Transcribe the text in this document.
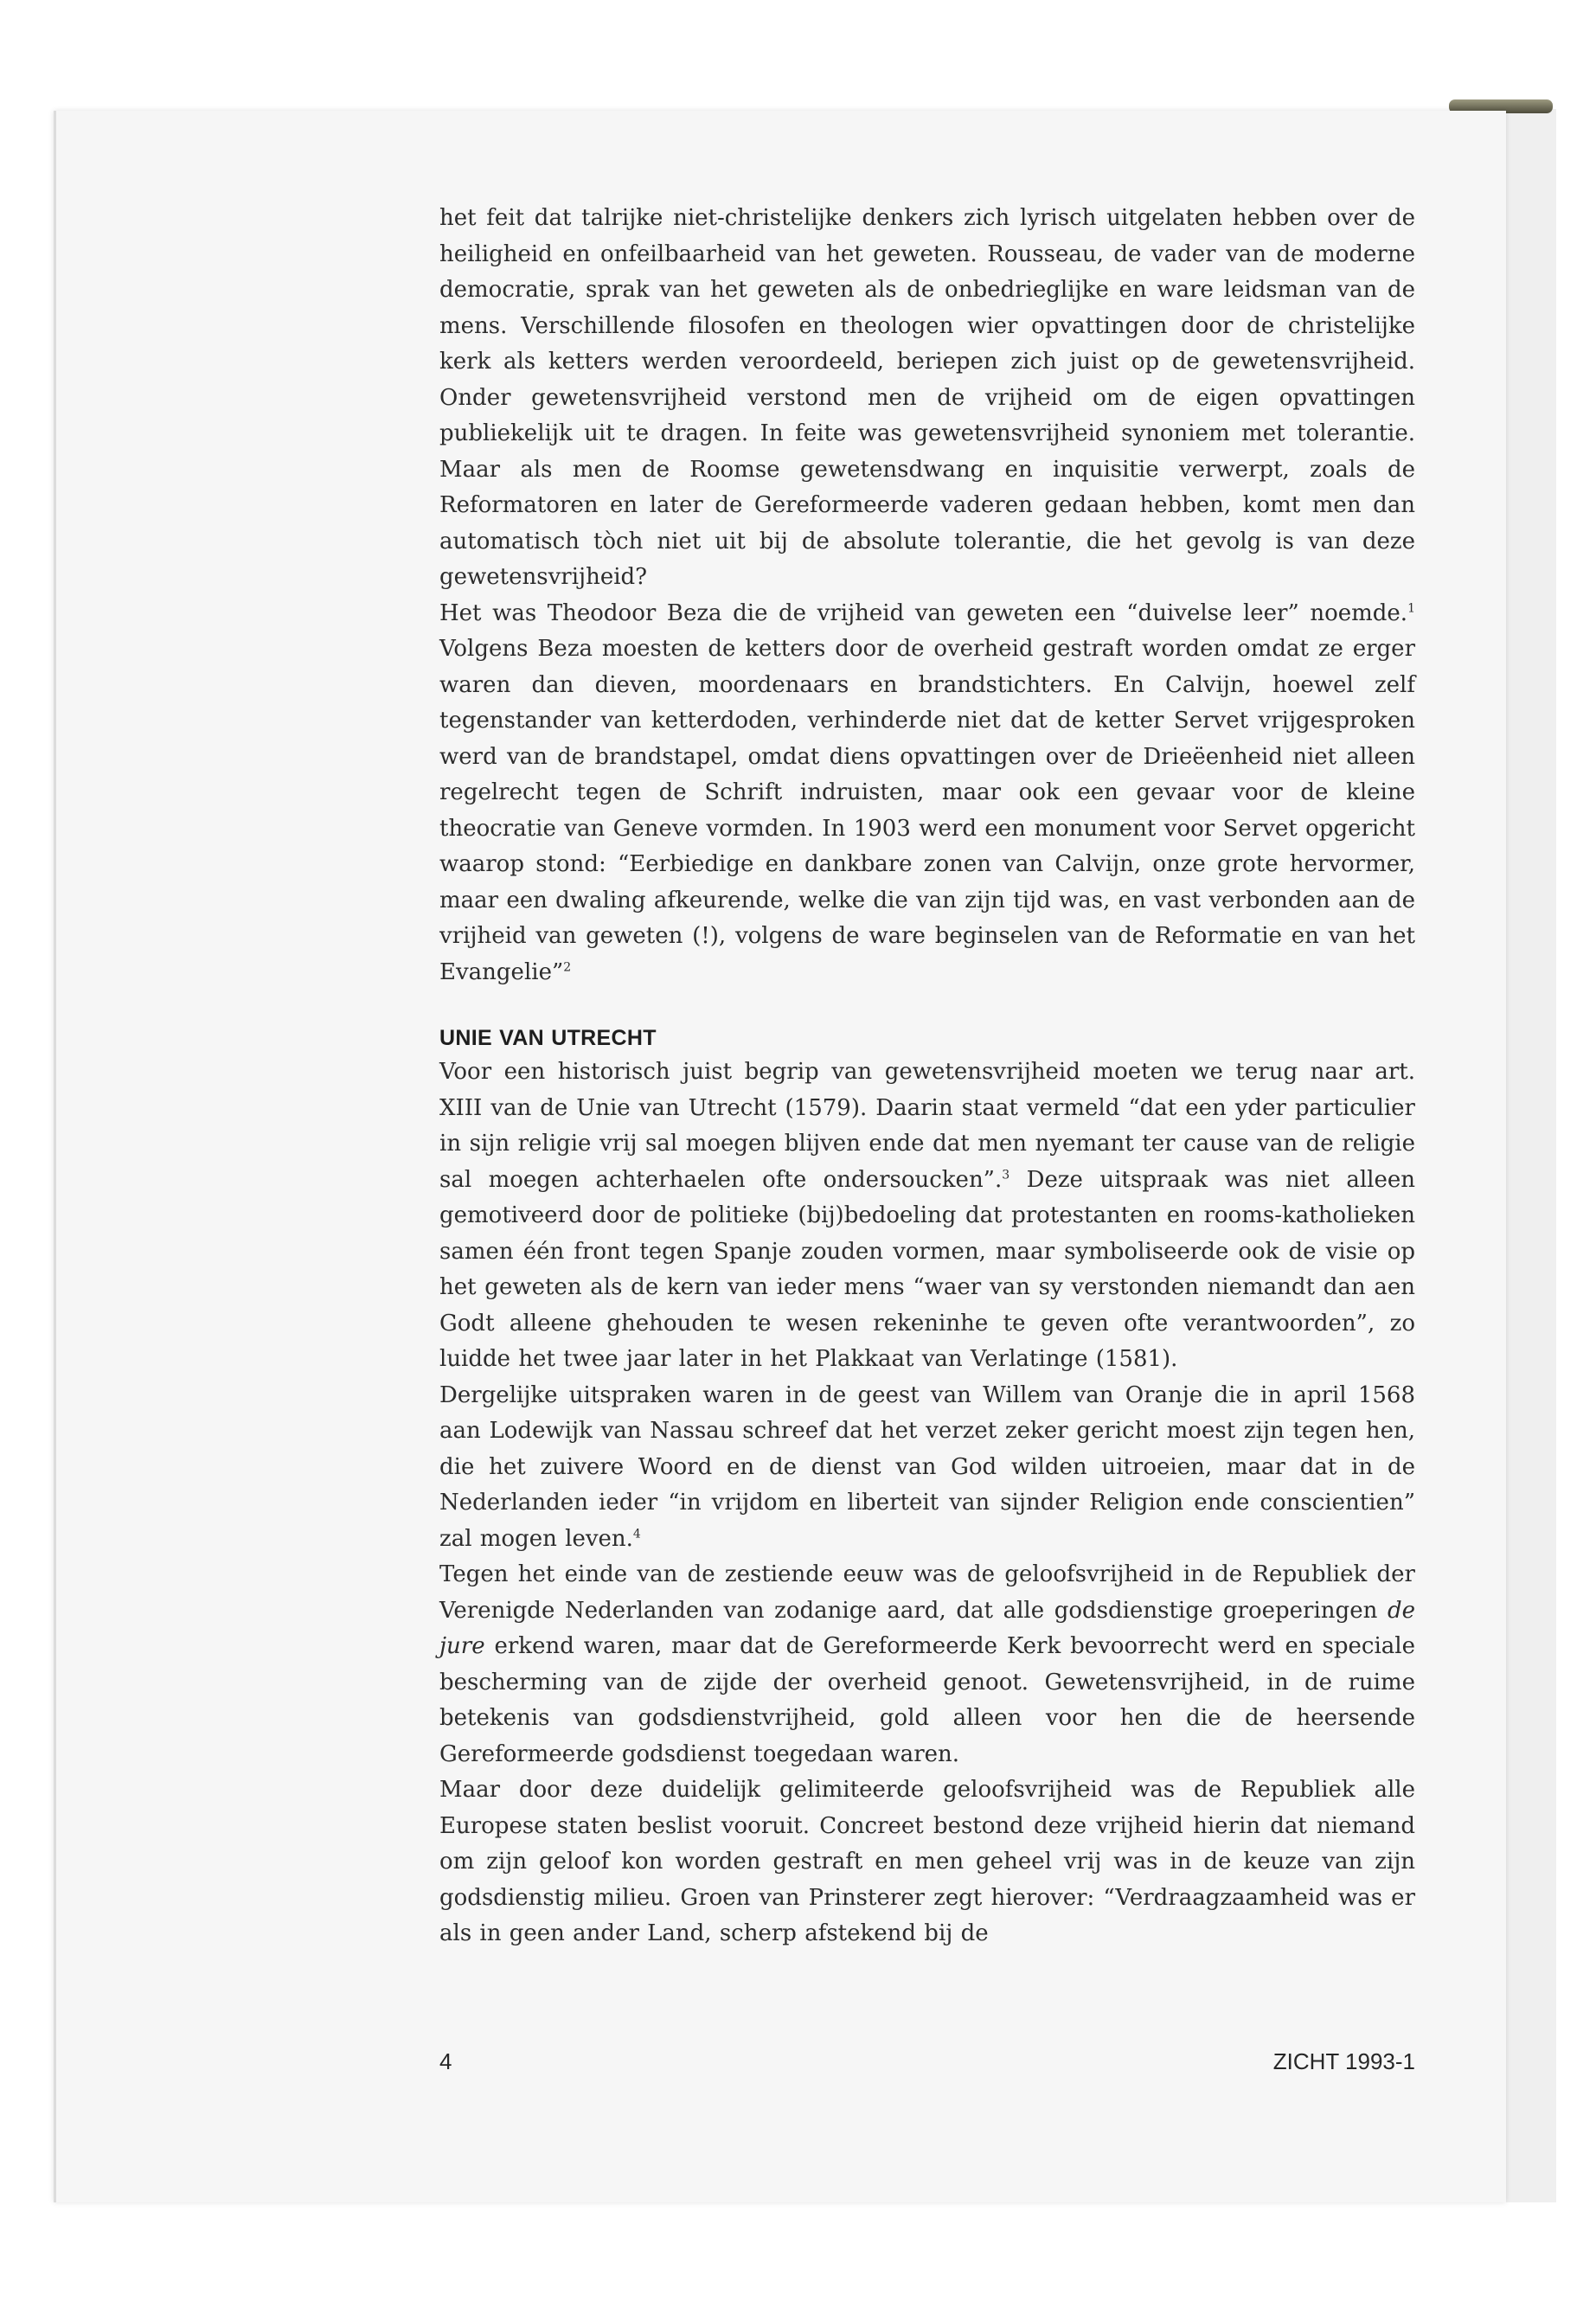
het feit dat talrijke niet-christelijke denkers zich lyrisch uitgelaten hebben over de heiligheid en onfeilbaarheid van het geweten. Rousseau, de vader van de moderne democratie, sprak van het geweten als de onbedrieglijke en ware leidsman van de mens. Verschillende filosofen en theologen wier opvattingen door de christelijke kerk als ketters werden veroordeeld, beriepen zich juist op de gewetensvrijheid. Onder gewetensvrijheid verstond men de vrijheid om de eigen opvattingen publiekelijk uit te dragen. In feite was gewetensvrijheid synoniem met tolerantie. Maar als men de Roomse gewetensdwang en inquisitie verwerpt, zoals de Reformatoren en later de Gereformeerde vaderen gedaan hebben, komt men dan automatisch tòch niet uit bij de absolute tolerantie, die het gevolg is van deze gewetensvrijheid?

Het was Theodoor Beza die de vrijheid van geweten een “duivelse leer” noemde.$^1$ Volgens Beza moesten de ketters door de overheid gestraft worden omdat ze erger waren dan dieven, moordenaars en brandstichters. En Calvijn, hoewel zelf tegenstander van ketterdoden, verhinderde niet dat de ketter Servet vrijgesproken werd van de brandstapel, omdat diens opvattingen over de Drieëenheid niet alleen regelrecht tegen de Schrift indruisten, maar ook een gevaar voor de kleine theocratie van Geneve vormden. In 1903 werd een monument voor Servet opgericht waarop stond: “Eerbiedige en dankbare zonen van Calvijn, onze grote hervormer, maar een dwaling afkeurende, welke die van zijn tijd was, en vast verbonden aan de vrijheid van geweten (!), volgens de ware beginselen van de Reformatie en van het Evangelie”$^2$

UNIE VAN UTRECHT

Voor een historisch juist begrip van gewetensvrijheid moeten we terug naar art. XIII van de Unie van Utrecht (1579). Daarin staat vermeld “dat een yder particulier in sijn religie vrij sal moegen blijven ende dat men nyemant ter cause van de religie sal moegen achterhaelen ofte ondersoucken”.$^3$ Deze uitspraak was niet alleen gemotiveerd door de politieke (bij)bedoeling dat protestanten en rooms-katholieken samen één front tegen Spanje zouden vormen, maar symboliseerde ook de visie op het geweten als de kern van ieder mens “waer van sy verstonden niemandt dan aen Godt alleene ghehouden te wesen rekeninhe te geven ofte verantwoorden”, zo luidde het twee jaar later in het Plakkaat van Verlatinge (1581).

Dergelijke uitspraken waren in de geest van Willem van Oranje die in april 1568 aan Lodewijk van Nassau schreef dat het verzet zeker gericht moest zijn tegen hen, die het zuivere Woord en de dienst van God wilden uitroeien, maar dat in de Nederlanden ieder “in vrijdom en liberteit van sijnder Religion ende conscientien” zal mogen leven.$^4$

Tegen het einde van de zestiende eeuw was de geloofsvrijheid in de Republiek der Verenigde Nederlanden van zodanige aard, dat alle godsdienstige groeperingen de jure erkend waren, maar dat de Gereformeerde Kerk bevoorrecht werd en speciale bescherming van de zijde der overheid genoot. Gewetensvrijheid, in de ruime betekenis van godsdienstvrijheid, gold alleen voor hen die de heersende Gereformeerde godsdienst toegedaan waren.

Maar door deze duidelijk gelimiteerde geloofsvrijheid was de Republiek alle Europese staten beslist vooruit. Concreet bestond deze vrijheid hierin dat niemand om zijn geloof kon worden gestraft en men geheel vrij was in de keuze van zijn godsdienstig milieu. Groen van Prinsterer zegt hierover: “Verdraagzaamheid was er als in geen ander Land, scherp afstekend bij de

4	ZICHT 1993-1
